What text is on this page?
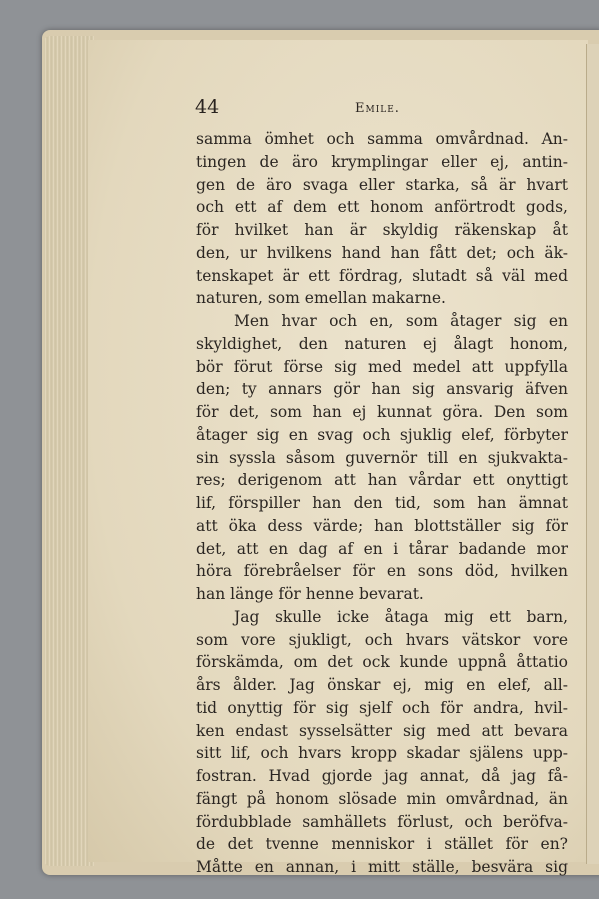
44	Emile.
samma ömhet och samma omvårdnad. An-
tingen de äro krymplingar eller ej, antin-
gen de äro svaga eller starka, så är hvart
och ett af dem ett honom anförtrodt gods,
för hvilket han är skyldig räkenskap åt
den, ur hvilkens hand han fått det; och äk-
tenskapet är ett fördrag, slutadt så väl med
naturen, som emellan makarne.
Men hvar och en, som åtager sig en
skyldighet, den naturen ej ålagt honom,
bör förut förse sig med medel att uppfylla
den; ty annars gör han sig ansvarig äfven
för det, som han ej kunnat göra. Den som
åtager sig en svag och sjuklig elef, förbyter
sin syssla såsom guvernör till en sjukvakta-
res; derigenom att han vårdar ett onyttigt
lif, förspiller han den tid, som han ämnat
att öka dess värde; han blottställer sig för
det, att en dag af en i tårar badande mor
höra förebråelser för en sons död, hvilken
han länge för henne bevarat.
Jag skulle icke åtaga mig ett barn,
som vore sjukligt, och hvars vätskor vore
förskämda, om det ock kunde uppnå åttatio
års ålder. Jag önskar ej, mig en elef, all-
tid onyttig för sig sjelf och för andra, hvil-
ken endast sysselsätter sig med att bevara
sitt lif, och hvars kropp skadar själens upp-
fostran. Hvad gjorde jag annat, då jag få-
fängt på honom slösade min omvårdnad, än
fördubblade samhällets förlust, och beröfva-
de det tvenne menniskor i stället för en?
Måtte en annan, i mitt ställe, besvära sig
